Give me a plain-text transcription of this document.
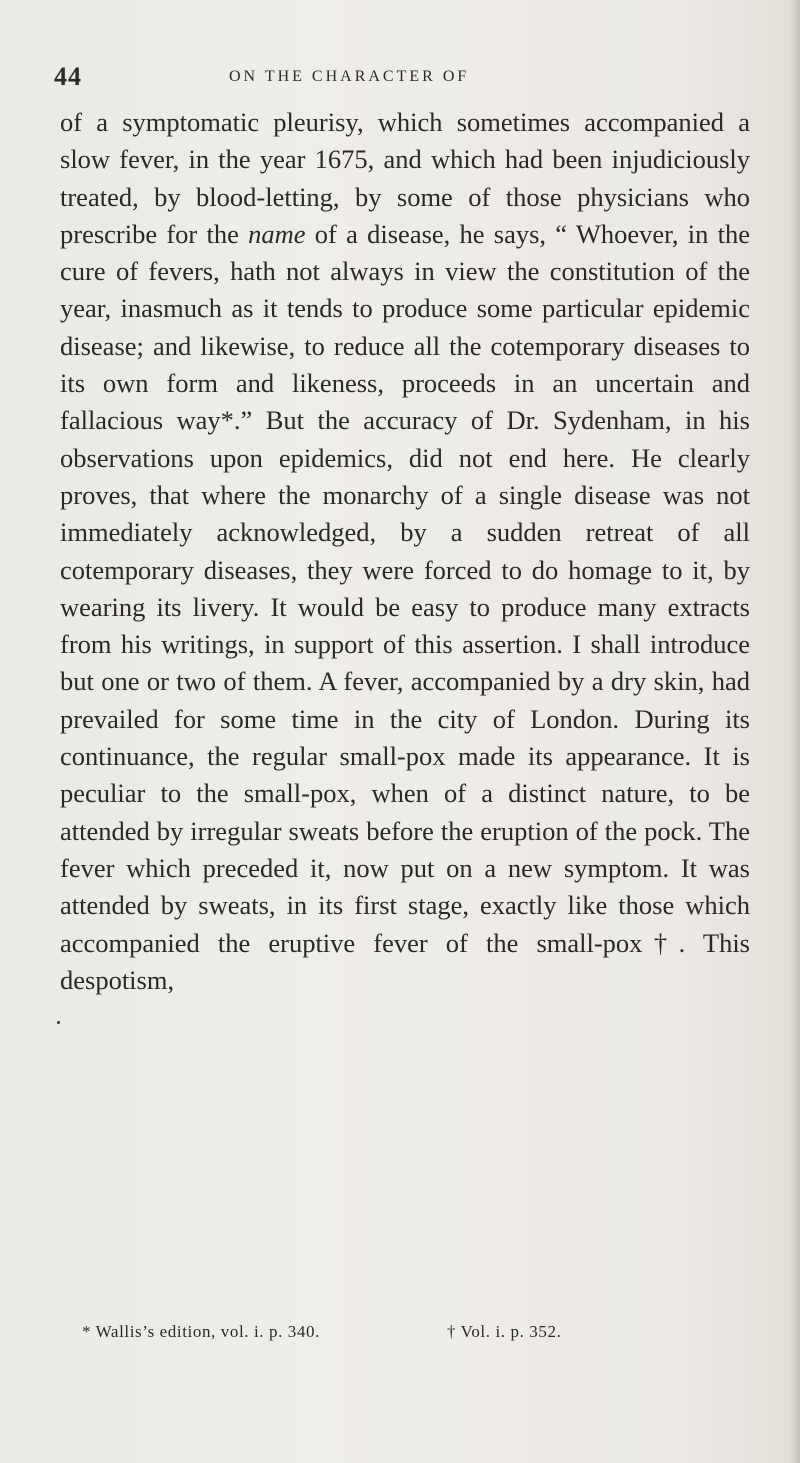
44	ON THE CHARACTER OF

of a symptomatic pleurisy, which sometimes accompanied a slow fever, in the year 1675, and which had been injudiciously treated, by blood-letting, by some of those physicians who prescribe for the name of a disease, he says, “ Whoever, in the cure of fevers, hath not always in view the constitution of the year, inasmuch as it tends to produce some particular epidemic disease; and likewise, to reduce all the cotemporary diseases to its own form and likeness, proceeds in an uncertain and fallacious way*.” But the accuracy of Dr. Sydenham, in his observations upon epidemics, did not end here. He clearly proves, that where the monarchy of a single disease was not immediately acknowledged, by a sudden retreat of all cotemporary diseases, they were forced to do homage to it, by wearing its livery. It would be easy to produce many extracts from his writings, in support of this assertion. I shall introduce but one or two of them. A fever, accompanied by a dry skin, had prevailed for some time in the city of London. During its continuance, the regular small-pox made its appearance. It is peculiar to the small-pox, when of a distinct nature, to be attended by irregular sweats before the eruption of the pock. The fever which preceded it, now put on a new symptom. It was attended by sweats, in its first stage, exactly like those which accompanied the eruptive fever of the small-pox†. This despotism,

* Wallis’s edition, vol. i. p. 340.	† Vol. i. p. 352.
